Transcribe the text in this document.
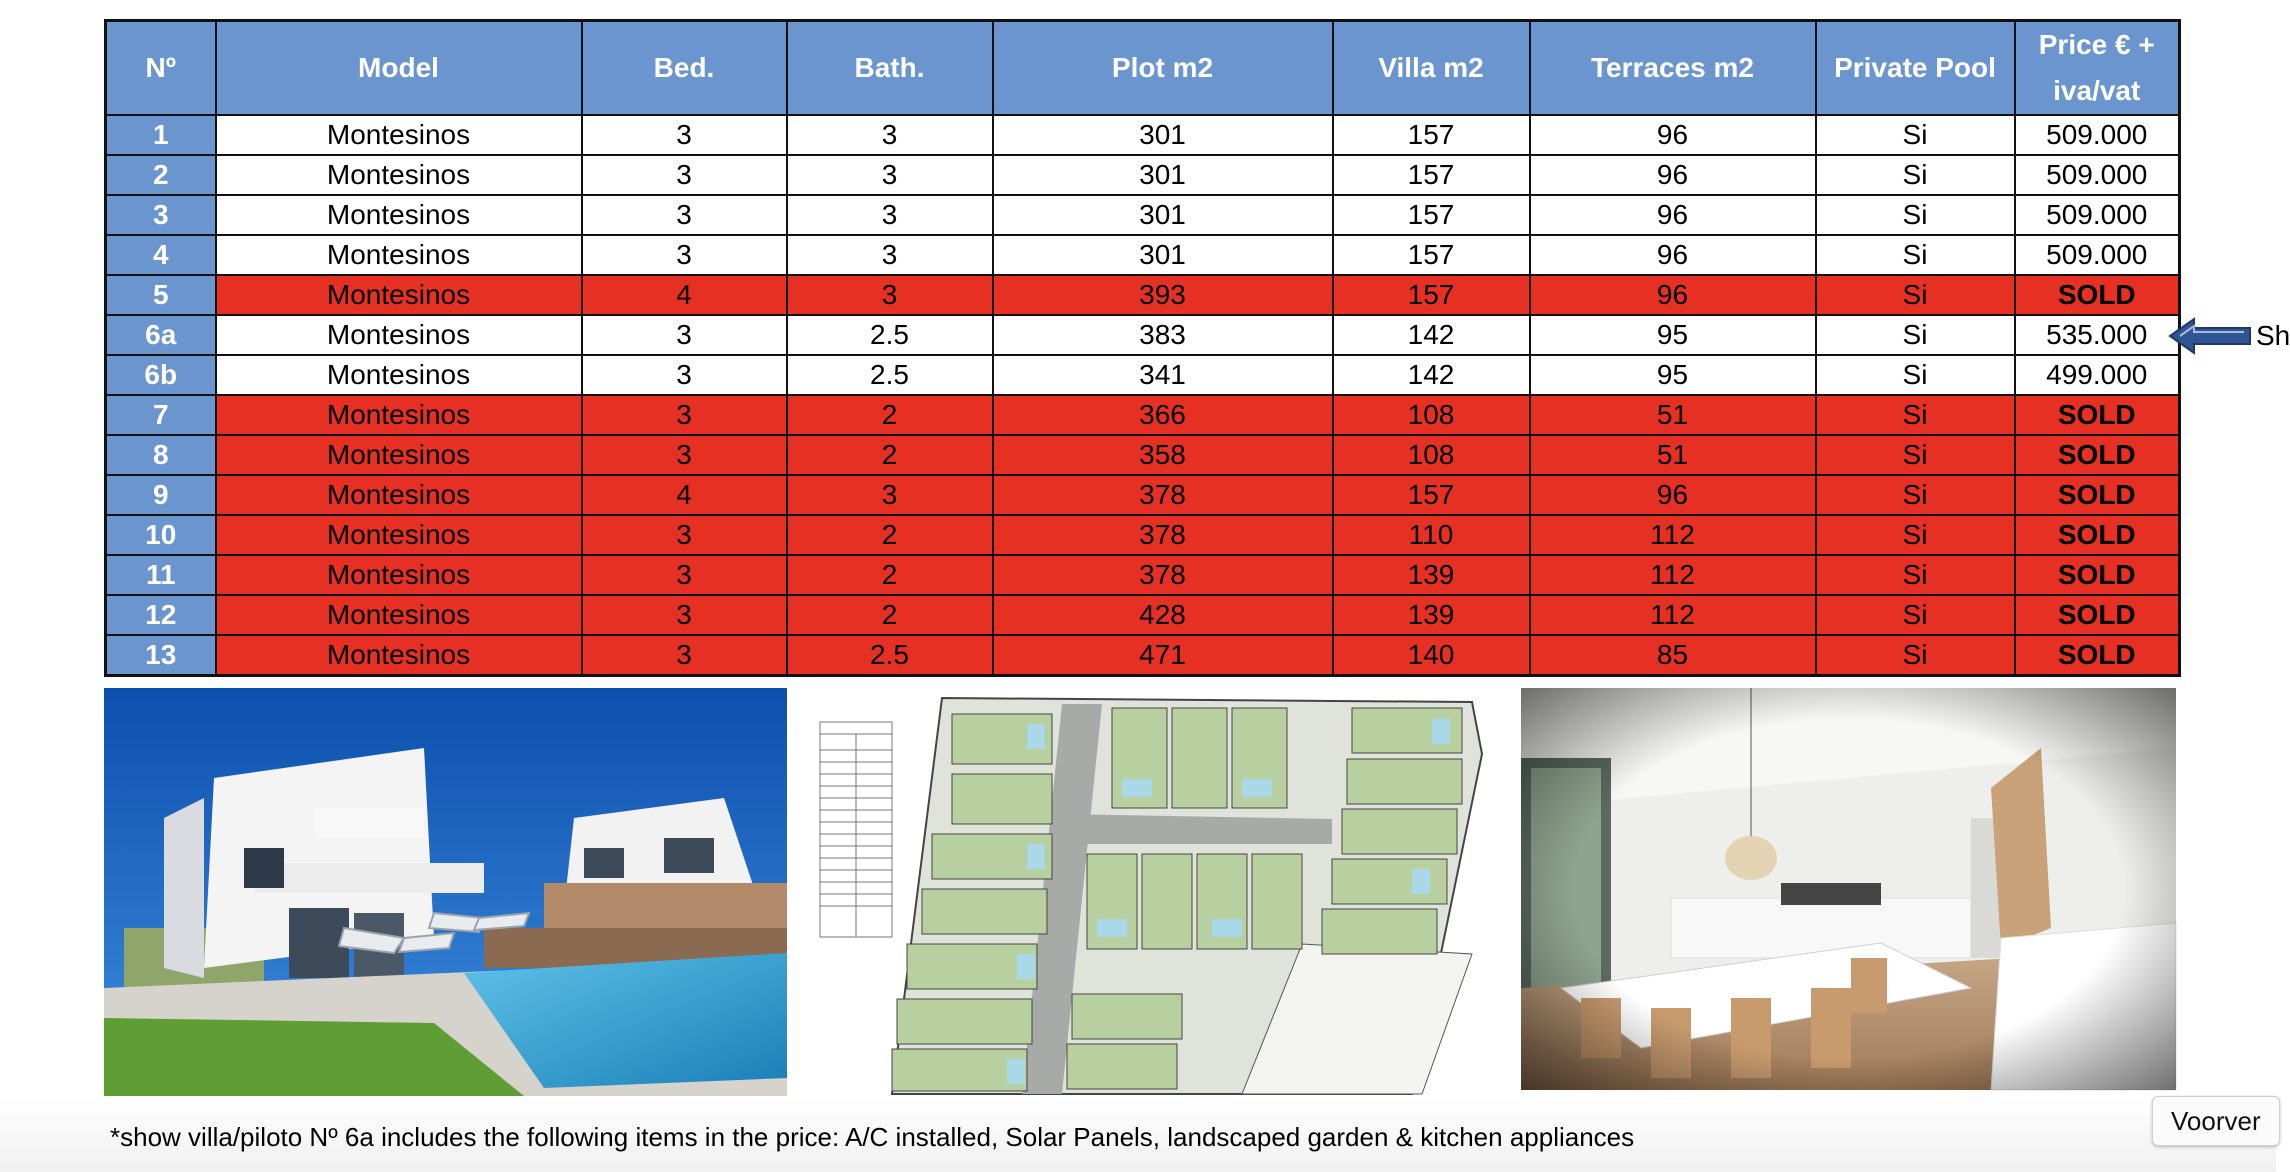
Nº	Model	Bed.	Bath.	Plot m2	Villa m2	Terraces m2	Private Pool	Price € + iva/vat
1	Montesinos	3	3	301	157	96	Si	509.000
2	Montesinos	3	3	301	157	96	Si	509.000
3	Montesinos	3	3	301	157	96	Si	509.000
4	Montesinos	3	3	301	157	96	Si	509.000
5	Montesinos	4	3	393	157	96	Si	SOLD
6a	Montesinos	3	2.5	383	142	95	Si	535.000
6b	Montesinos	3	2.5	341	142	95	Si	499.000
7	Montesinos	3	2	366	108	51	Si	SOLD
8	Montesinos	3	2	358	108	51	Si	SOLD
9	Montesinos	4	3	378	157	96	Si	SOLD
10	Montesinos	3	2	378	110	112	Si	SOLD
11	Montesinos	3	2	378	139	112	Si	SOLD
12	Montesinos	3	2	428	139	112	Si	SOLD
13	Montesinos	3	2.5	471	140	85	Si	SOLD
Sh
*show villa/piloto Nº 6a includes the following items in the price: A/C installed, Solar Panels, landscaped garden & kitchen appliances
Voorver
